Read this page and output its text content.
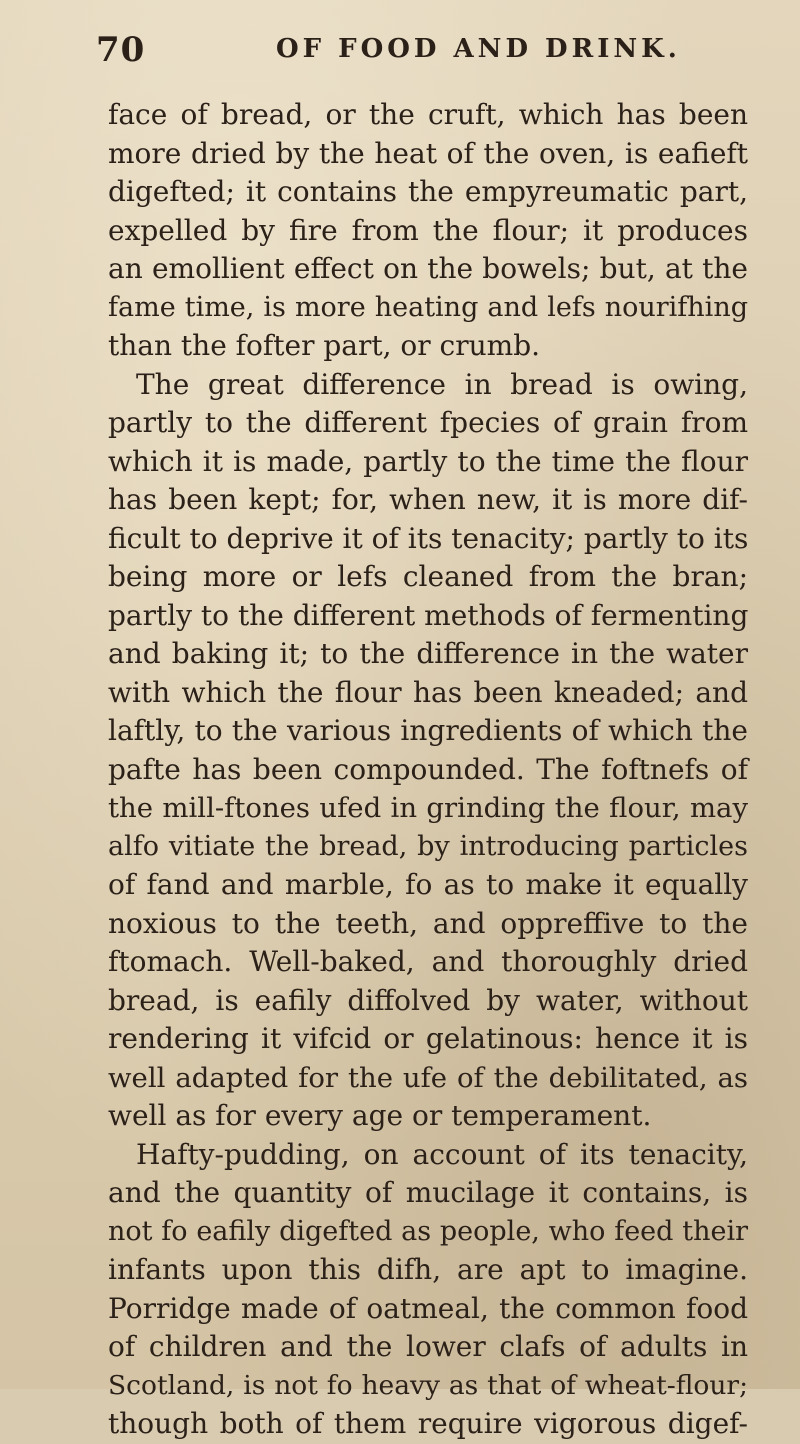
70	OF FOOD AND DRINK.
face of bread, or the cruft, which has been
more dried by the heat of the oven, is eafieft
digefted; it contains the empyreumatic part,
expelled by fire from the flour; it produces
an emollient effect on the bowels; but, at the
fame time, is more heating and lefs nourifhing
than the fofter part, or crumb.
The great difference in bread is owing,
partly to the different fpecies of grain from
which it is made, partly to the time the flour
has been kept; for, when new, it is more dif-
ficult to deprive it of its tenacity; partly to its
being more or lefs cleaned from the bran;
partly to the different methods of fermenting
and baking it; to the difference in the water
with which the flour has been kneaded; and
laftly, to the various ingredients of which the
pafte has been compounded. The foftnefs of
the mill-ftones ufed in grinding the flour, may
alfo vitiate the bread, by introducing particles
of fand and marble, fo as to make it equally
noxious to the teeth, and oppreffive to the
ftomach. Well-baked, and thoroughly dried
bread, is eafily diffolved by water, without
rendering it vifcid or gelatinous: hence it is
well adapted for the ufe of the debilitated, as
well as for every age or temperament.
Hafty-pudding, on account of its tenacity,
and the quantity of mucilage it contains, is
not fo eafily digefted as people, who feed their
infants upon this difh, are apt to imagine.
Porridge made of oatmeal, the common food
of children and the lower clafs of adults in
Scotland, is not fo heavy as that of wheat-flour;
though both of them require vigorous digef-
